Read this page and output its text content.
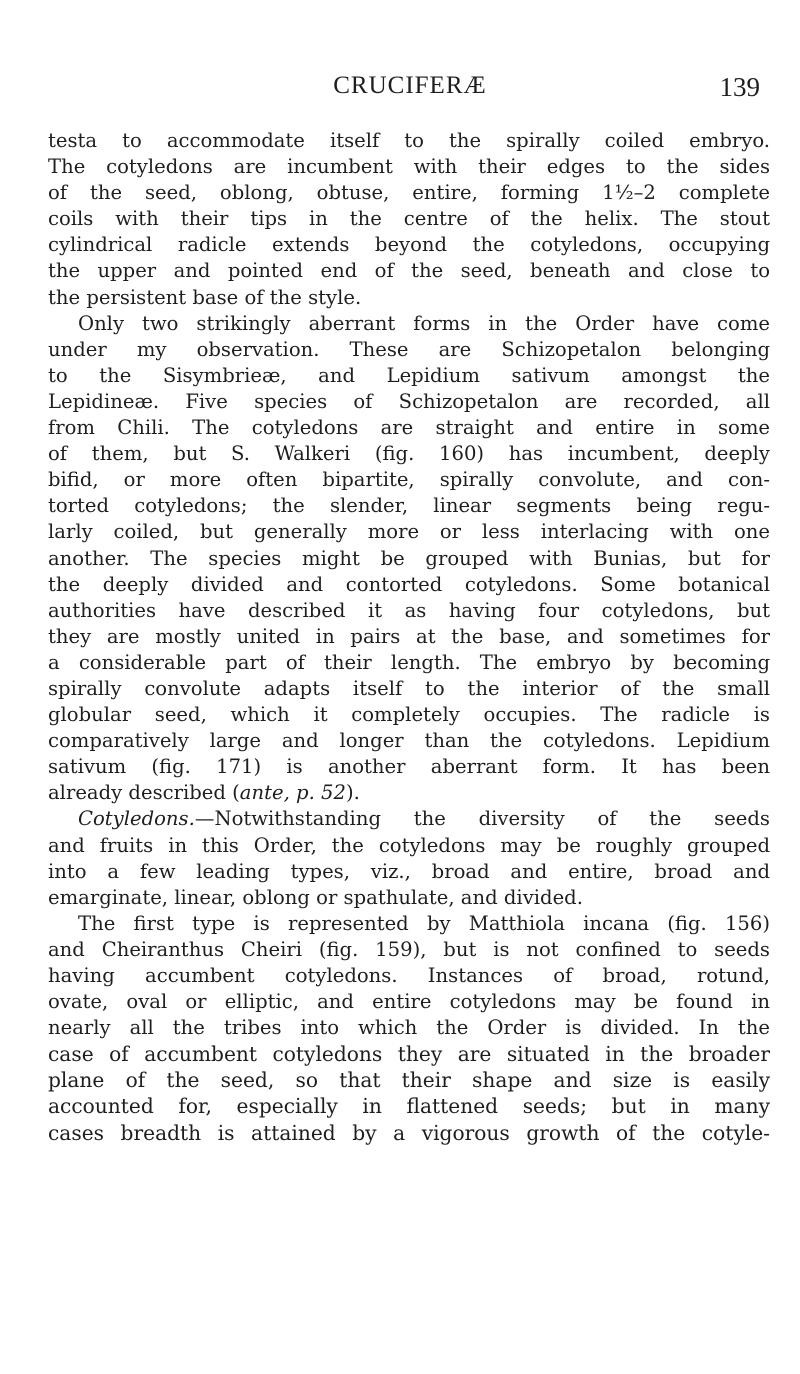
CRUCIFERÆ	139
testa to accommodate itself to the spirally coiled embryo.
The cotyledons are incumbent with their edges to the sides
of the seed, oblong, obtuse, entire, forming 1½–2 complete
coils with their tips in the centre of the helix. The stout
cylindrical radicle extends beyond the cotyledons, occupying
the upper and pointed end of the seed, beneath and close to
the persistent base of the style.
Only two strikingly aberrant forms in the Order have come
under my observation. These are Schizopetalon belonging
to the Sisymbrieæ, and Lepidium sativum amongst the
Lepidineæ. Five species of Schizopetalon are recorded, all
from Chili. The cotyledons are straight and entire in some
of them, but S. Walkeri (fig. 160) has incumbent, deeply
bifid, or more often bipartite, spirally convolute, and con-
torted cotyledons; the slender, linear segments being regu-
larly coiled, but generally more or less interlacing with one
another. The species might be grouped with Bunias, but for
the deeply divided and contorted cotyledons. Some botanical
authorities have described it as having four cotyledons, but
they are mostly united in pairs at the base, and sometimes for
a considerable part of their length. The embryo by becoming
spirally convolute adapts itself to the interior of the small
globular seed, which it completely occupies. The radicle is
comparatively large and longer than the cotyledons. Lepidium
sativum (fig. 171) is another aberrant form. It has been
already described (ante, p. 52).
Cotyledons.—Notwithstanding the diversity of the seeds
and fruits in this Order, the cotyledons may be roughly grouped
into a few leading types, viz., broad and entire, broad and
emarginate, linear, oblong or spathulate, and divided.
The first type is represented by Matthiola incana (fig. 156)
and Cheiranthus Cheiri (fig. 159), but is not confined to seeds
having accumbent cotyledons. Instances of broad, rotund,
ovate, oval or elliptic, and entire cotyledons may be found in
nearly all the tribes into which the Order is divided. In the
case of accumbent cotyledons they are situated in the broader
plane of the seed, so that their shape and size is easily
accounted for, especially in flattened seeds; but in many
cases breadth is attained by a vigorous growth of the cotyle-
